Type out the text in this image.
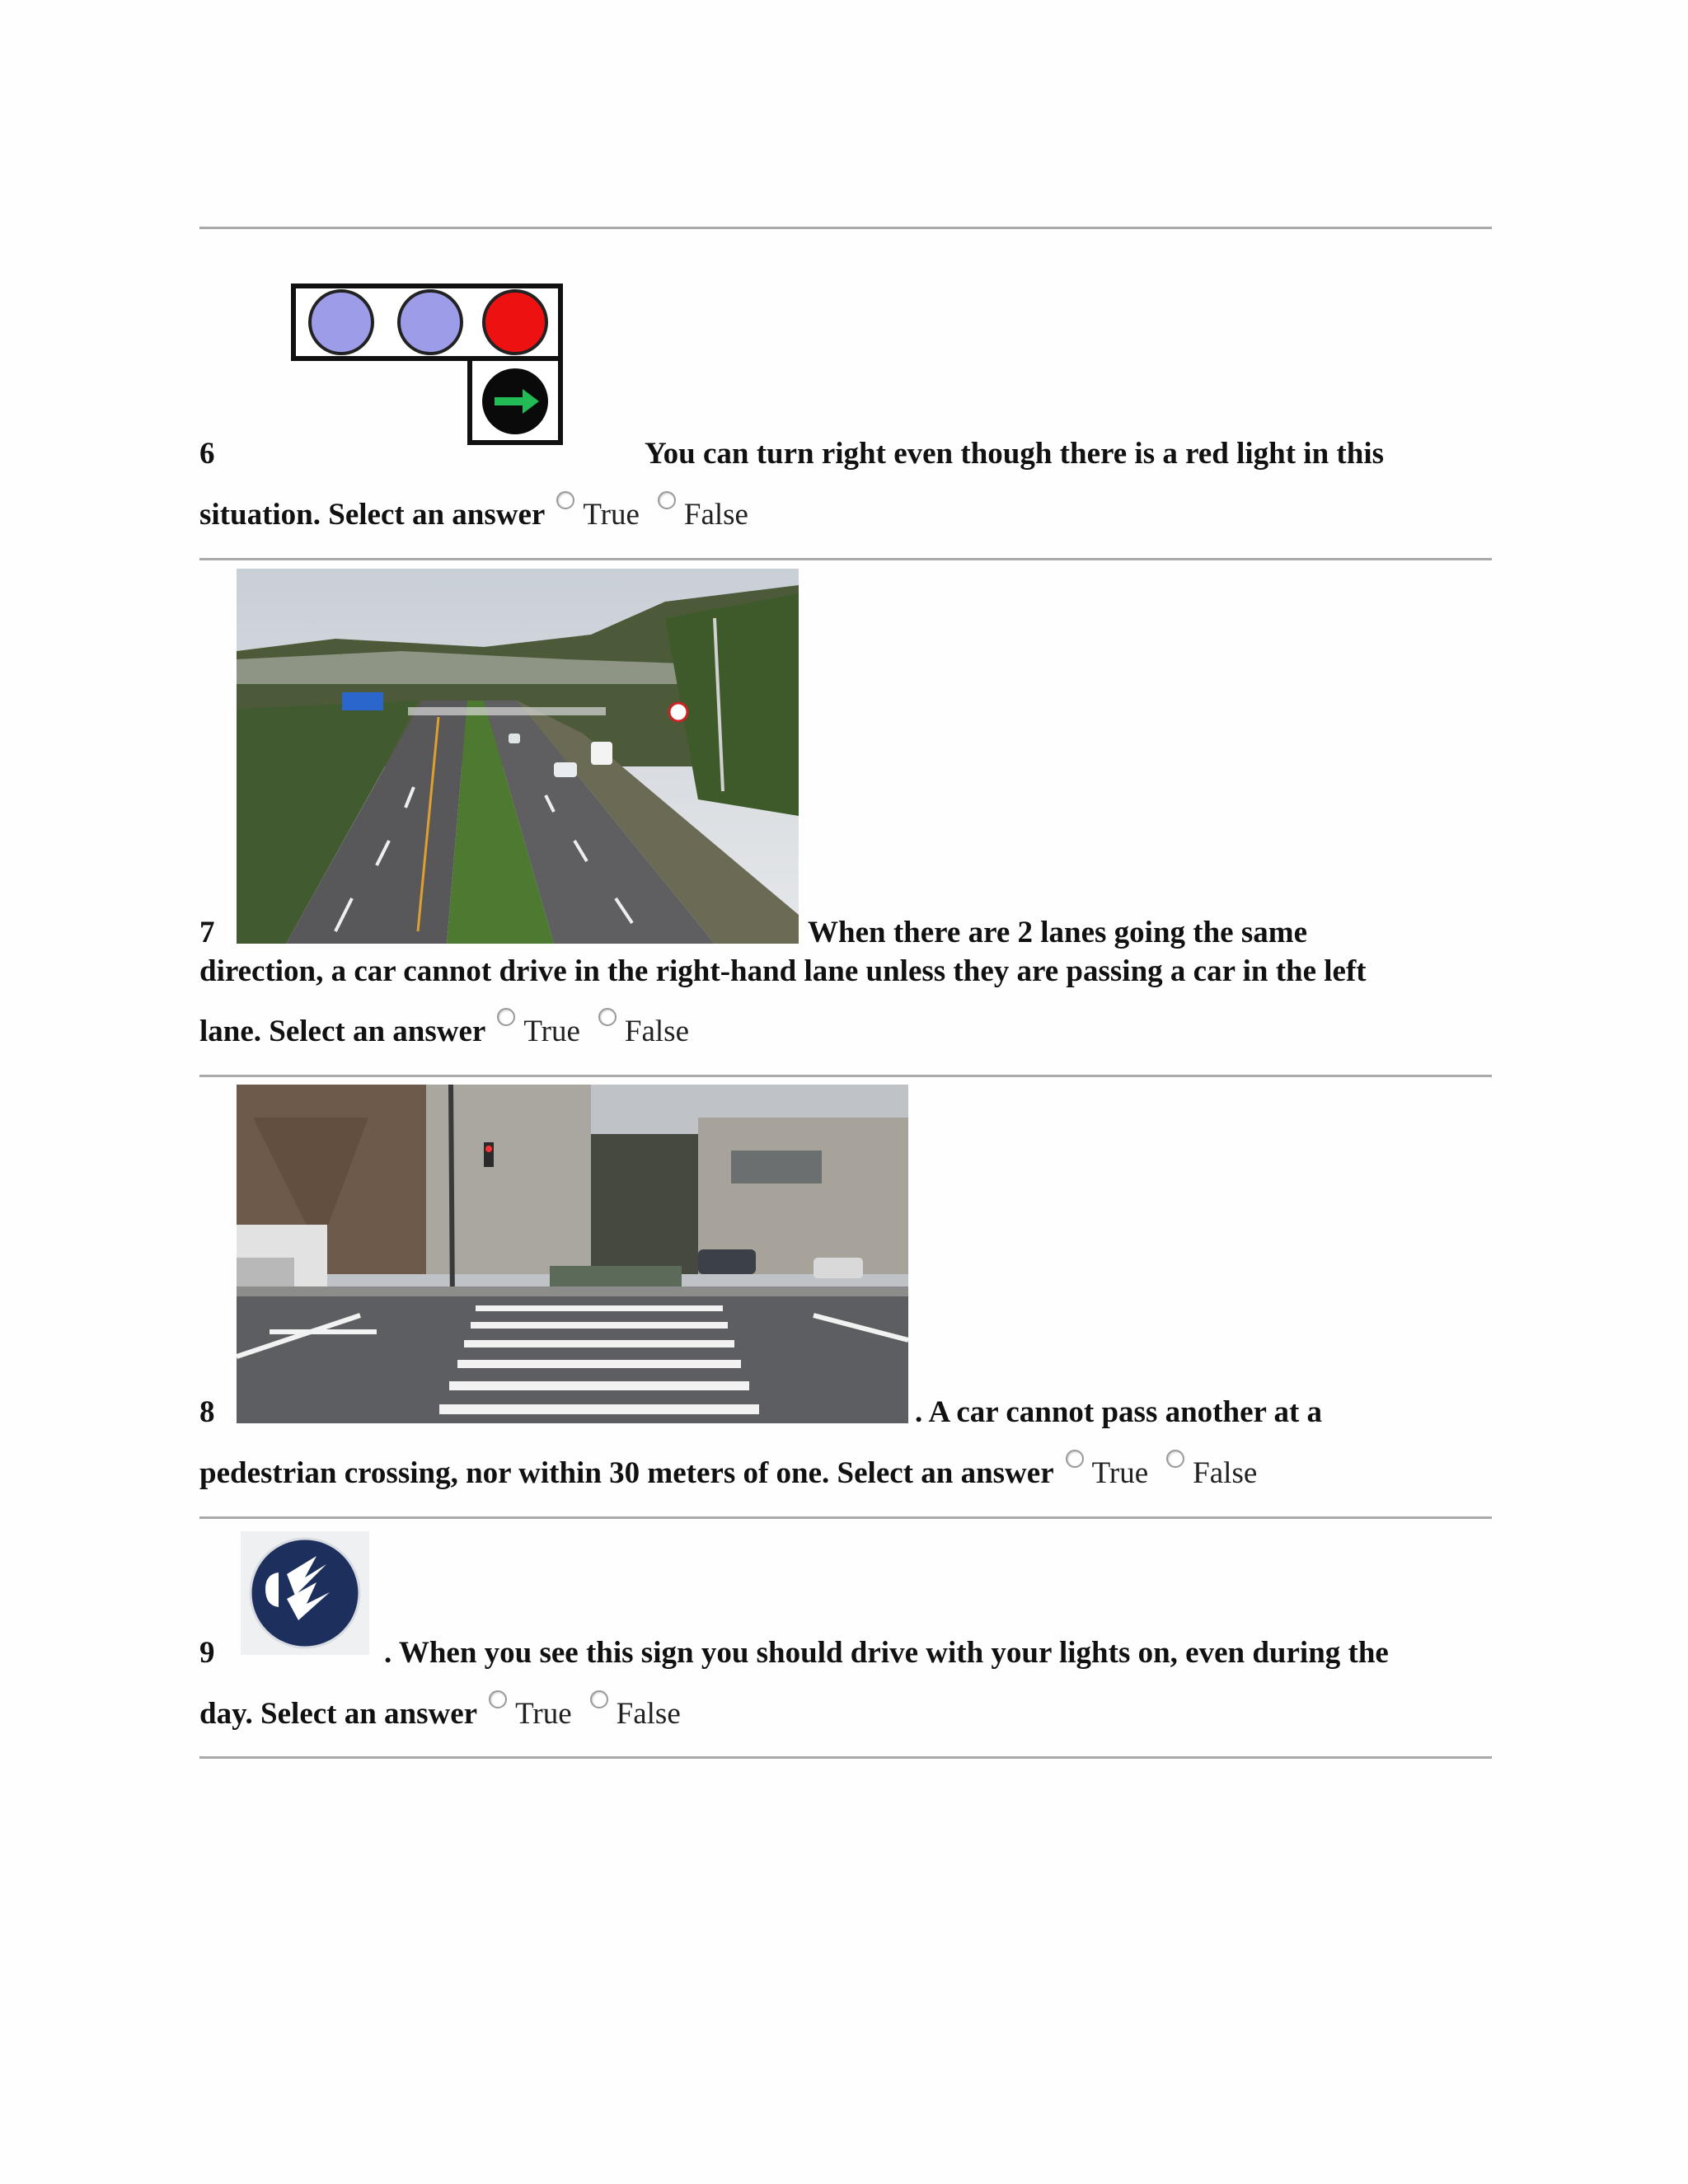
6	You can turn right even though there is a red light in this
situation. Select an answer True False
7	When there are 2 lanes going the same
direction, a car cannot drive in the right-hand lane unless they are passing a car in the left
lane. Select an answer True False
8	. A car cannot pass another at a
pedestrian crossing, nor within 30 meters of one. Select an answer True False
9	. When you see this sign you should drive with your lights on, even during the
day. Select an answer True False
